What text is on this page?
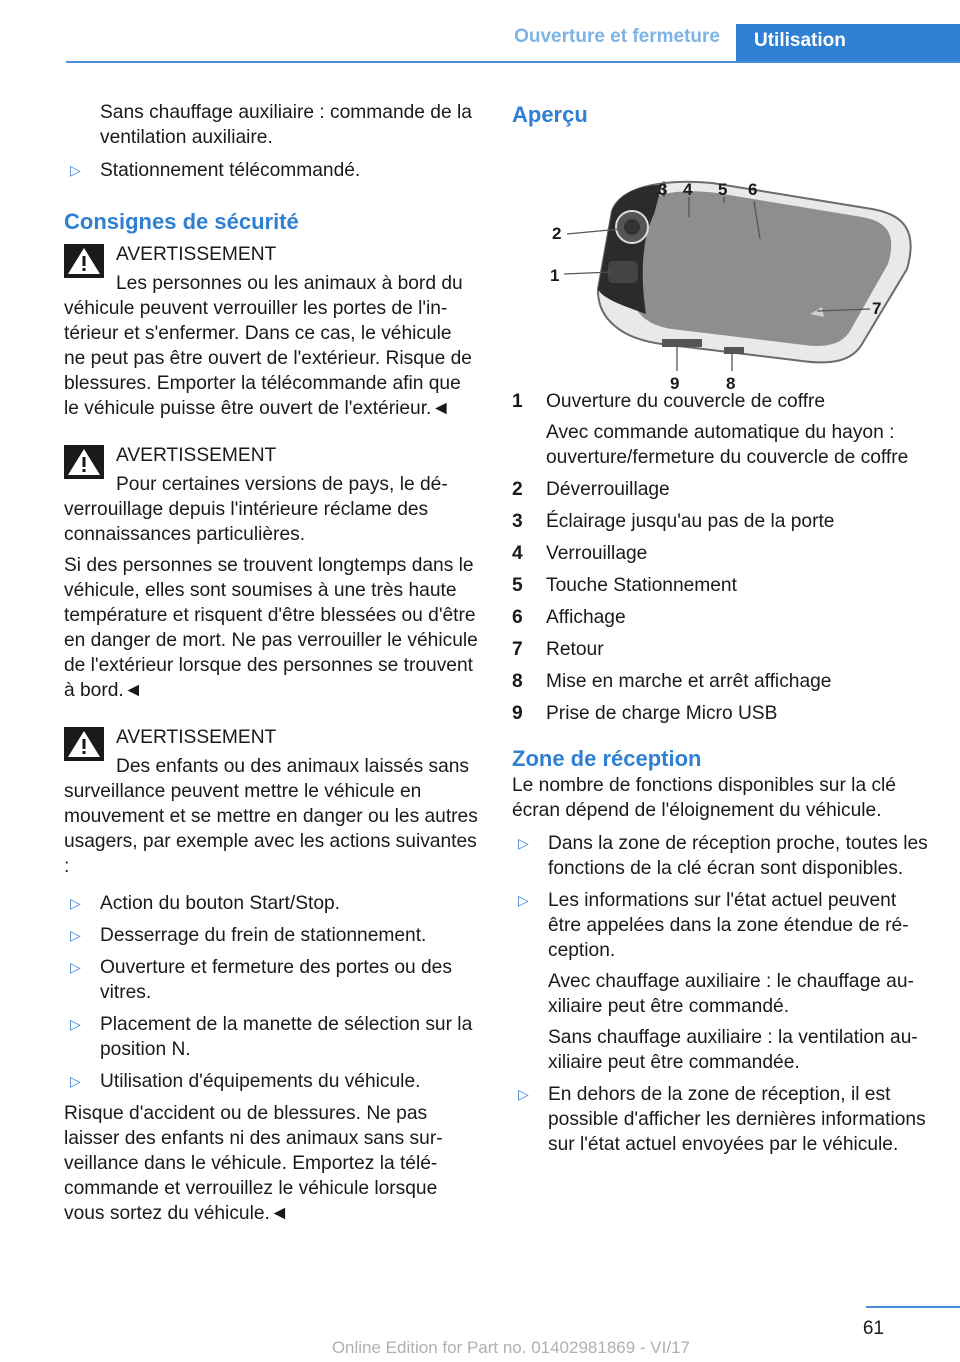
Ouverture et fermeture	Utilisation

Sans chauffage auxiliaire : commande de la ventilation auxiliaire.

▷ Stationnement télécommandé.
Consignes de sécurité

AVERTISSEMENT

Les personnes ou les animaux à bord du véhicule peuvent verrouiller les portes de l'intérieur et s'enfermer. Dans ce cas, le véhicule ne peut pas être ouvert de l'extérieur. Risque de blessures. Emporter la télécommande afin que le véhicule puisse être ouvert de l'extérieur.◄

AVERTISSEMENT

Pour certaines versions de pays, le déverrouillage depuis l'intérieure réclame des connaissances particulières.

Si des personnes se trouvent longtemps dans le véhicule, elles sont soumises à une très haute température et risquent d'être blessées ou d'être en danger de mort. Ne pas verrouiller le véhicule de l'extérieur lorsque des personnes se trouvent à bord.◄

AVERTISSEMENT

Des enfants ou des animaux laissés sans surveillance peuvent mettre le véhicule en mouvement et se mettre en danger ou les autres usagers, par exemple avec les actions suivantes :

▷ Action du bouton Start/Stop.
▷ Desserrage du frein de stationnement.
▷ Ouverture et fermeture des portes ou des vitres.
▷ Placement de la manette de sélection sur la position N.
▷ Utilisation d'équipements du véhicule.

Risque d'accident ou de blessures. Ne pas laisser des enfants ni des animaux sans surveillance dans le véhicule. Emportez la télécommande et verrouillez le véhicule lorsque vous sortez du véhicule.◄

Aperçu
1
2
3 4 5 6
7
8
9
1 Ouverture du couvercle de coffre

Avec commande automatique du hayon : ouverture/fermeture du couvercle de coffre

2 Déverrouillage
3 Éclairage jusqu'au pas de la porte
4 Verrouillage
5 Touche Stationnement
6 Affichage
7 Retour
8 Mise en marche et arrêt affichage
9 Prise de charge Micro USB
Zone de réception

Le nombre de fonctions disponibles sur la clé écran dépend de l'éloignement du véhicule.

▷ Dans la zone de réception proche, toutes les fonctions de la clé écran sont disponibles.

▷ Les informations sur l'état actuel peuvent être appelées dans la zone étendue de réception.

Avec chauffage auxiliaire : le chauffage auxiliaire peut être commandé.

Sans chauffage auxiliaire : la ventilation auxiliaire peut être commandée.

▷ En dehors de la zone de réception, il est possible d'afficher les dernières informations sur l'état actuel envoyées par le véhicule.

61
Online Edition for Part no. 01402981869 - VI/17
